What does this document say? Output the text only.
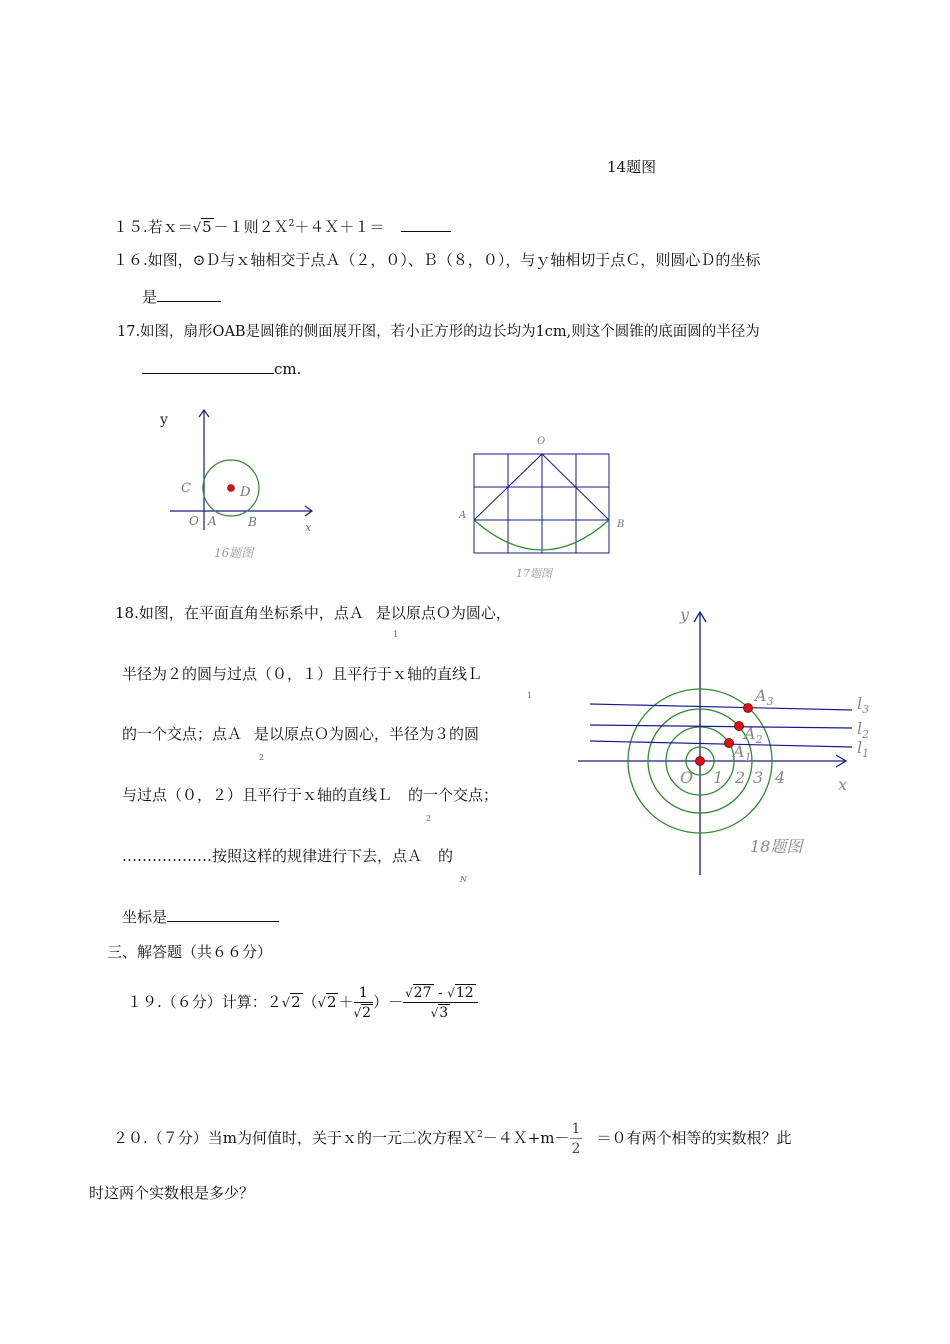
14题图
１５.若ｘ＝√5 －１则２Ｘ$^2$＋４Ｘ＋１＝
１６.如图，⊙Ｄ与ｘ轴相交于点Ａ（２，０）、Ｂ（８，０），与ｙ轴相切于点Ｃ，则圆心Ｄ的坐标
是
17.如图，扇形OAB是圆锥的侧面展开图，若小正方形的边长均为1cm,则这个圆锥的底面圆的半径为
cm.
y
x
C	D
O A	B
16题图
O
A
B
17题图
18.如图，在平面直角坐标系中，点Ａ
1
是以原点Ｏ为圆心，
半径为２的圆与过点（０，１）且平行于ｘ轴的直线Ｌ
1
的一个交点；点Ａ
2
是以原点Ｏ为圆心，半径为３的圆
与过点（０，２）且平行于ｘ轴的直线Ｌ
2
的一个交点；
………………按照这样的规律进行下去，点Ａ
N
的
坐标是
y
x
O 1 2 3 4
$A_1$
$A_2$
$A_3$
$l_1$
$l_2$
$l_3$
18题图
三、解答题（共６６分）
１９.（６分）计算：２√2 （$√2 + \frac{1}{√2}$ ）－ $\frac{√27 - √12}{√3}$
２０.（７分）当m为何值时，关于ｘ的一元二次方程Ｘ$^2$－４Ｘ+m－ $\frac{1}{2} =0$有两个相等的实数根？此
时这两个实数根是多少？
